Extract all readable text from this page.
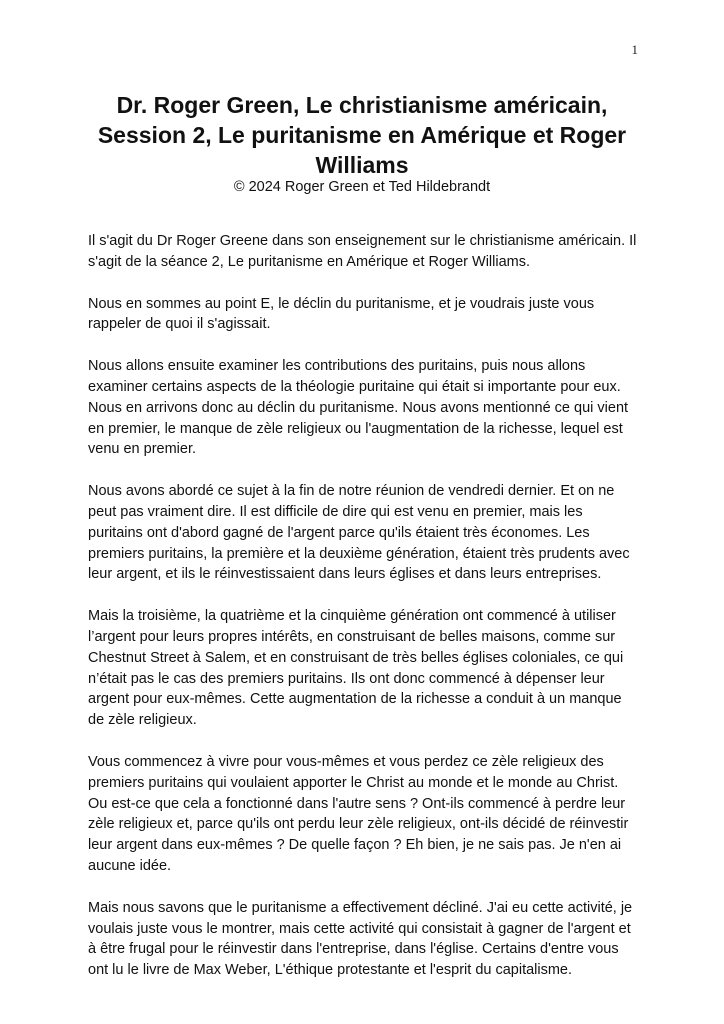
1
Dr. Roger Green, Le christianisme américain, Session 2, Le puritanisme en Amérique et Roger Williams
© 2024 Roger Green et Ted Hildebrandt

Il s'agit du Dr Roger Greene dans son enseignement sur le christianisme américain. Il s'agit de la séance 2, Le puritanisme en Amérique et Roger Williams.

Nous en sommes au point E, le déclin du puritanisme, et je voudrais juste vous rappeler de quoi il s'agissait.

Nous allons ensuite examiner les contributions des puritains, puis nous allons examiner certains aspects de la théologie puritaine qui était si importante pour eux. Nous en arrivons donc au déclin du puritanisme. Nous avons mentionné ce qui vient en premier, le manque de zèle religieux ou l'augmentation de la richesse, lequel est venu en premier.

Nous avons abordé ce sujet à la fin de notre réunion de vendredi dernier. Et on ne peut pas vraiment dire. Il est difficile de dire qui est venu en premier, mais les puritains ont d'abord gagné de l'argent parce qu'ils étaient très économes. Les premiers puritains, la première et la deuxième génération, étaient très prudents avec leur argent, et ils le réinvestissaient dans leurs églises et dans leurs entreprises.

Mais la troisième, la quatrième et la cinquième génération ont commencé à utiliser l’argent pour leurs propres intérêts, en construisant de belles maisons, comme sur Chestnut Street à Salem, et en construisant de très belles églises coloniales, ce qui n’était pas le cas des premiers puritains. Ils ont donc commencé à dépenser leur argent pour eux-mêmes. Cette augmentation de la richesse a conduit à un manque de zèle religieux.

Vous commencez à vivre pour vous-mêmes et vous perdez ce zèle religieux des premiers puritains qui voulaient apporter le Christ au monde et le monde au Christ. Ou est-ce que cela a fonctionné dans l'autre sens ? Ont-ils commencé à perdre leur zèle religieux et, parce qu'ils ont perdu leur zèle religieux, ont-ils décidé de réinvestir leur argent dans eux-mêmes ? De quelle façon ? Eh bien, je ne sais pas. Je n'en ai aucune idée.

Mais nous savons que le puritanisme a effectivement décliné. J'ai eu cette activité, je voulais juste vous le montrer, mais cette activité qui consistait à gagner de l'argent et à être frugal pour le réinvestir dans l'entreprise, dans l'église. Certains d'entre vous ont lu le livre de Max Weber, L'éthique protestante et l'esprit du capitalisme.
